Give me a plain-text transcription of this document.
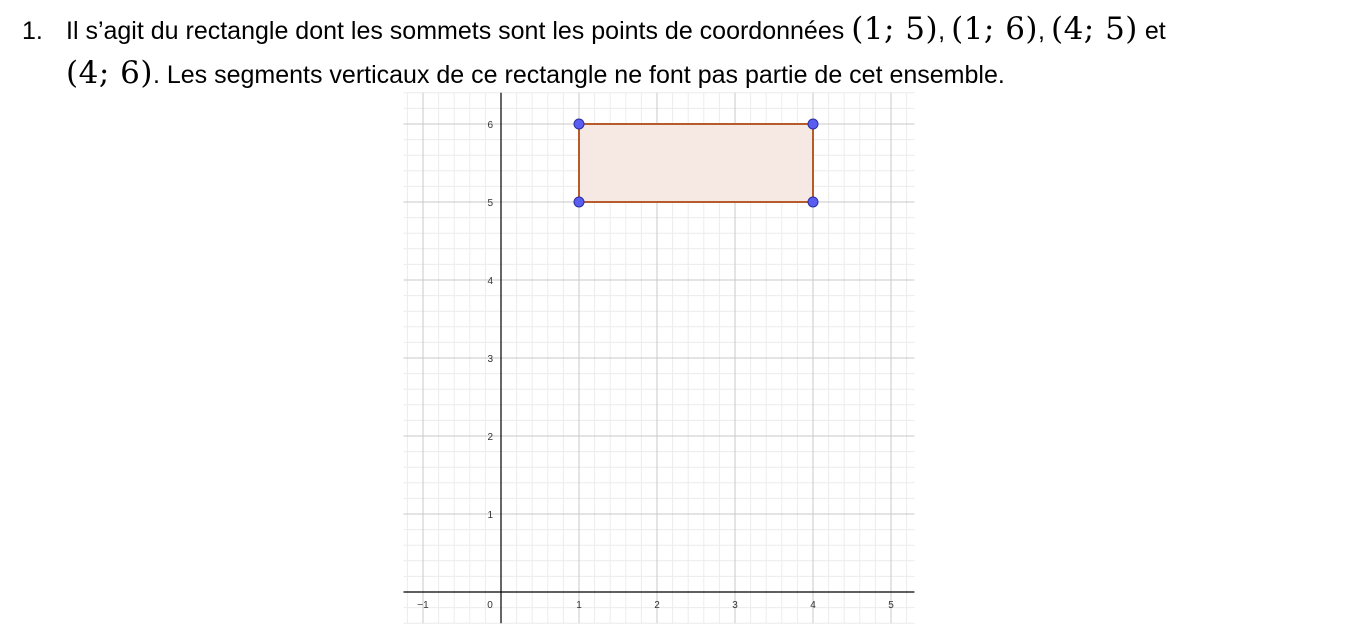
1. Il s’agit du rectangle dont les sommets sont les points de coordonnées (1; 5), (1; 6), (4; 5) et
(4; 6). Les segments verticaux de ce rectangle ne font pas partie de cet ensemble.
−1	0	1	2	3	4	5
1
2
3
4
5
6
